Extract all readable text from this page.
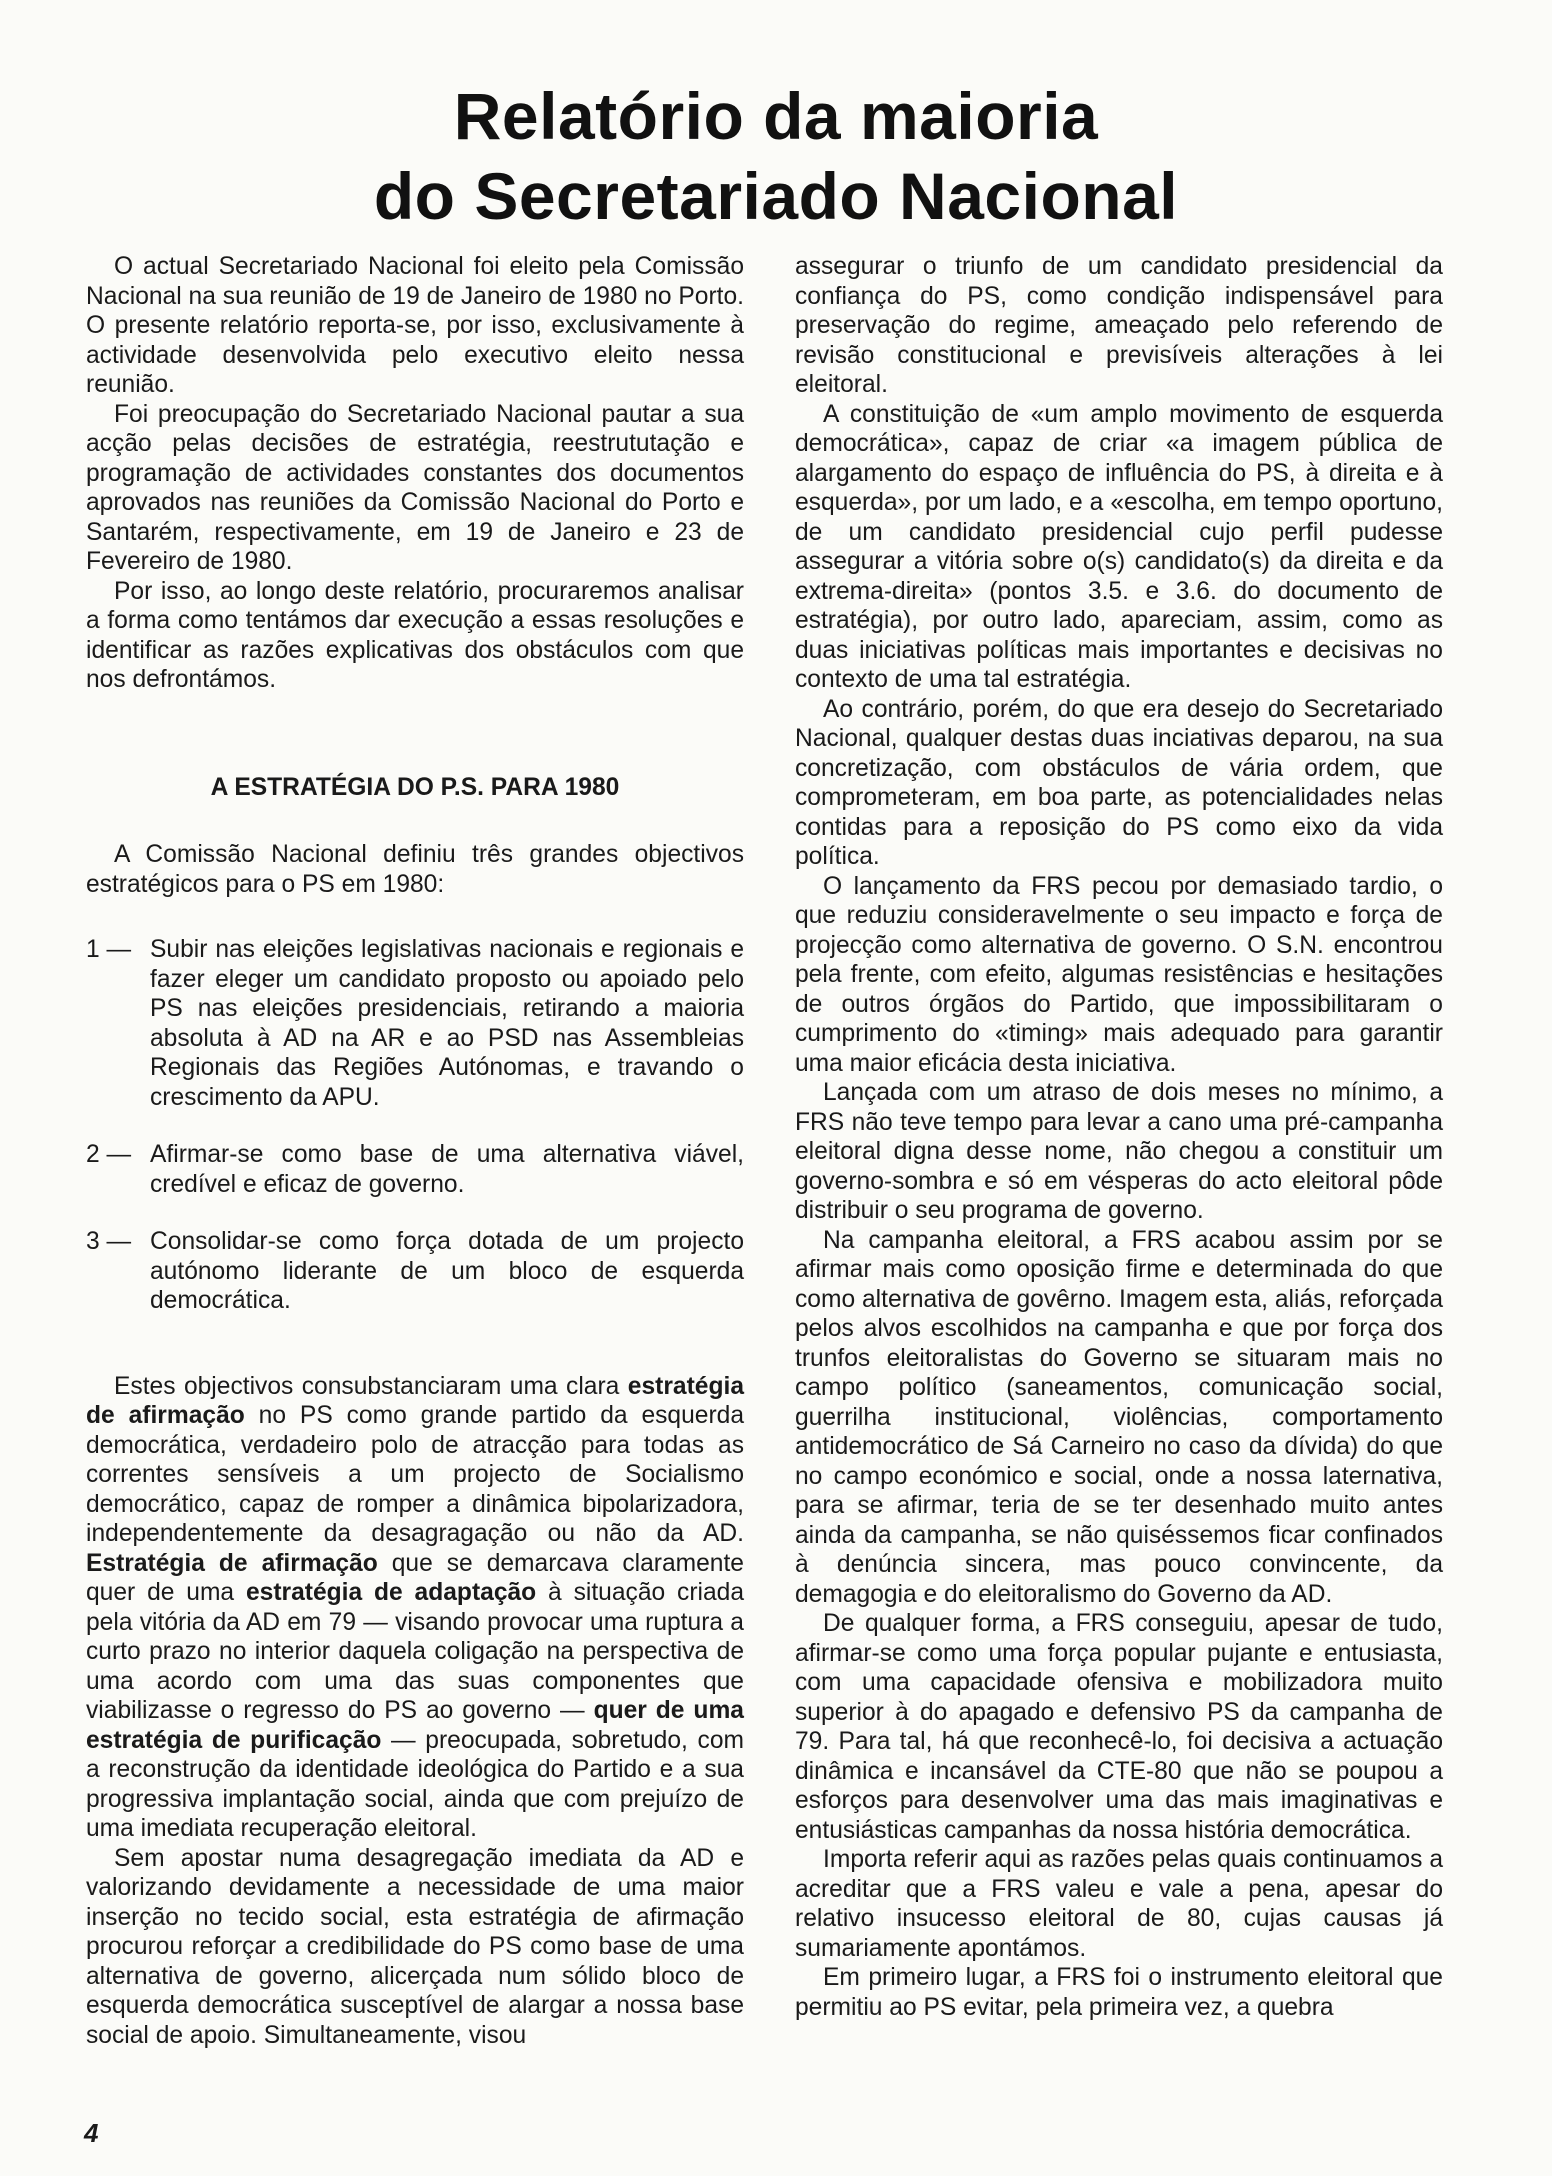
Relatório da maioria
do Secretariado Nacional

O actual Secretariado Nacional foi eleito pela Comissão Nacional na sua reunião de 19 de Janeiro de 1980 no Porto. O presente relatório reporta-se, por isso, exclusivamente à actividade desenvolvida pelo executivo eleito nessa reunião.

Foi preocupação do Secretariado Nacional pautar a sua acção pelas decisões de estratégia, reestrututação e programação de actividades constantes dos documentos aprovados nas reuniões da Comissão Nacional do Porto e Santarém, respectivamente, em 19 de Janeiro e 23 de Fevereiro de 1980.

Por isso, ao longo deste relatório, procuraremos analisar a forma como tentámos dar execução a essas resoluções e identificar as razões explicativas dos obstáculos com que nos defrontámos.

A ESTRATÉGIA DO P.S. PARA 1980

A Comissão Nacional definiu três grandes objectivos estratégicos para o PS em 1980:

1 — Subir nas eleições legislativas nacionais e regionais e fazer eleger um candidato proposto ou apoiado pelo PS nas eleições presidenciais, retirando a maioria absoluta à AD na AR e ao PSD nas Assembleias Regionais das Regiões Autónomas, e travando o crescimento da APU.
2 — Afirmar-se como base de uma alternativa viável, credível e eficaz de governo.
3 — Consolidar-se como força dotada de um projecto autónomo liderante de um bloco de esquerda democrática.

Estes objectivos consubstanciaram uma clara estratégia de afirmação no PS como grande partido da esquerda democrática, verdadeiro polo de atracção para todas as correntes sensíveis a um projecto de Socialismo democrático, capaz de romper a dinâmica bipolarizadora, independentemente da desagragação ou não da AD. Estratégia de afirmação que se demarcava claramente quer de uma estratégia de adaptação à situação criada pela vitória da AD em 79 — visando provocar uma ruptura a curto prazo no interior daquela coligação na perspectiva de uma acordo com uma das suas componentes que viabilizasse o regresso do PS ao governo — quer de uma estratégia de purificação — preocupada, sobretudo, com a reconstrução da identidade ideológica do Partido e a sua progressiva implantação social, ainda que com prejuízo de uma imediata recuperação eleitoral.

Sem apostar numa desagregação imediata da AD e valorizando devidamente a necessidade de uma maior inserção no tecido social, esta estratégia de afirmação procurou reforçar a credibilidade do PS como base de uma alternativa de governo, alicerçada num sólido bloco de esquerda democrática susceptível de alargar a nossa base social de apoio. Simultaneamente, visou

assegurar o triunfo de um candidato presidencial da confiança do PS, como condição indispensável para preservação do regime, ameaçado pelo referendo de revisão constitucional e previsíveis alterações à lei eleitoral.

A constituição de «um amplo movimento de esquerda democrática», capaz de criar «a imagem pública de alargamento do espaço de influência do PS, à direita e à esquerda», por um lado, e a «escolha, em tempo oportuno, de um candidato presidencial cujo perfil pudesse assegurar a vitória sobre o(s) candidato(s) da direita e da extrema-direita» (pontos 3.5. e 3.6. do documento de estratégia), por outro lado, apareciam, assim, como as duas iniciativas políticas mais importantes e decisivas no contexto de uma tal estratégia.

Ao contrário, porém, do que era desejo do Secretariado Nacional, qualquer destas duas inciativas deparou, na sua concretização, com obstáculos de vária ordem, que comprometeram, em boa parte, as potencialidades nelas contidas para a reposição do PS como eixo da vida política.

O lançamento da FRS pecou por demasiado tardio, o que reduziu consideravelmente o seu impacto e força de projecção como alternativa de governo. O S.N. encontrou pela frente, com efeito, algumas resistências e hesitações de outros órgãos do Partido, que impossibilitaram o cumprimento do «timing» mais adequado para garantir uma maior eficácia desta iniciativa.

Lançada com um atraso de dois meses no mínimo, a FRS não teve tempo para levar a cano uma pré-campanha eleitoral digna desse nome, não chegou a constituir um governo-sombra e só em vésperas do acto eleitoral pôde distribuir o seu programa de governo.

Na campanha eleitoral, a FRS acabou assim por se afirmar mais como oposição firme e determinada do que como alternativa de govêrno. Imagem esta, aliás, reforçada pelos alvos escolhidos na campanha e que por força dos trunfos eleitoralistas do Governo se situaram mais no campo político (saneamentos, comunicação social, guerrilha institucional, violências, comportamento antidemocrático de Sá Carneiro no caso da dívida) do que no campo económico e social, onde a nossa laternativa, para se afirmar, teria de se ter desenhado muito antes ainda da campanha, se não quiséssemos ficar confinados à denúncia sincera, mas pouco convincente, da demagogia e do eleitoralismo do Governo da AD.

De qualquer forma, a FRS conseguiu, apesar de tudo, afirmar-se como uma força popular pujante e entusiasta, com uma capacidade ofensiva e mobilizadora muito superior à do apagado e defensivo PS da campanha de 79. Para tal, há que reconhecê-lo, foi decisiva a actuação dinâmica e incansável da CTE-80 que não se poupou a esforços para desenvolver uma das mais imaginativas e entusiásticas campanhas da nossa história democrática.

Importa referir aqui as razões pelas quais continuamos a acreditar que a FRS valeu e vale a pena, apesar do relativo insucesso eleitoral de 80, cujas causas já sumariamente apontámos.

Em primeiro lugar, a FRS foi o instrumento eleitoral que permitiu ao PS evitar, pela primeira vez, a quebra

4
